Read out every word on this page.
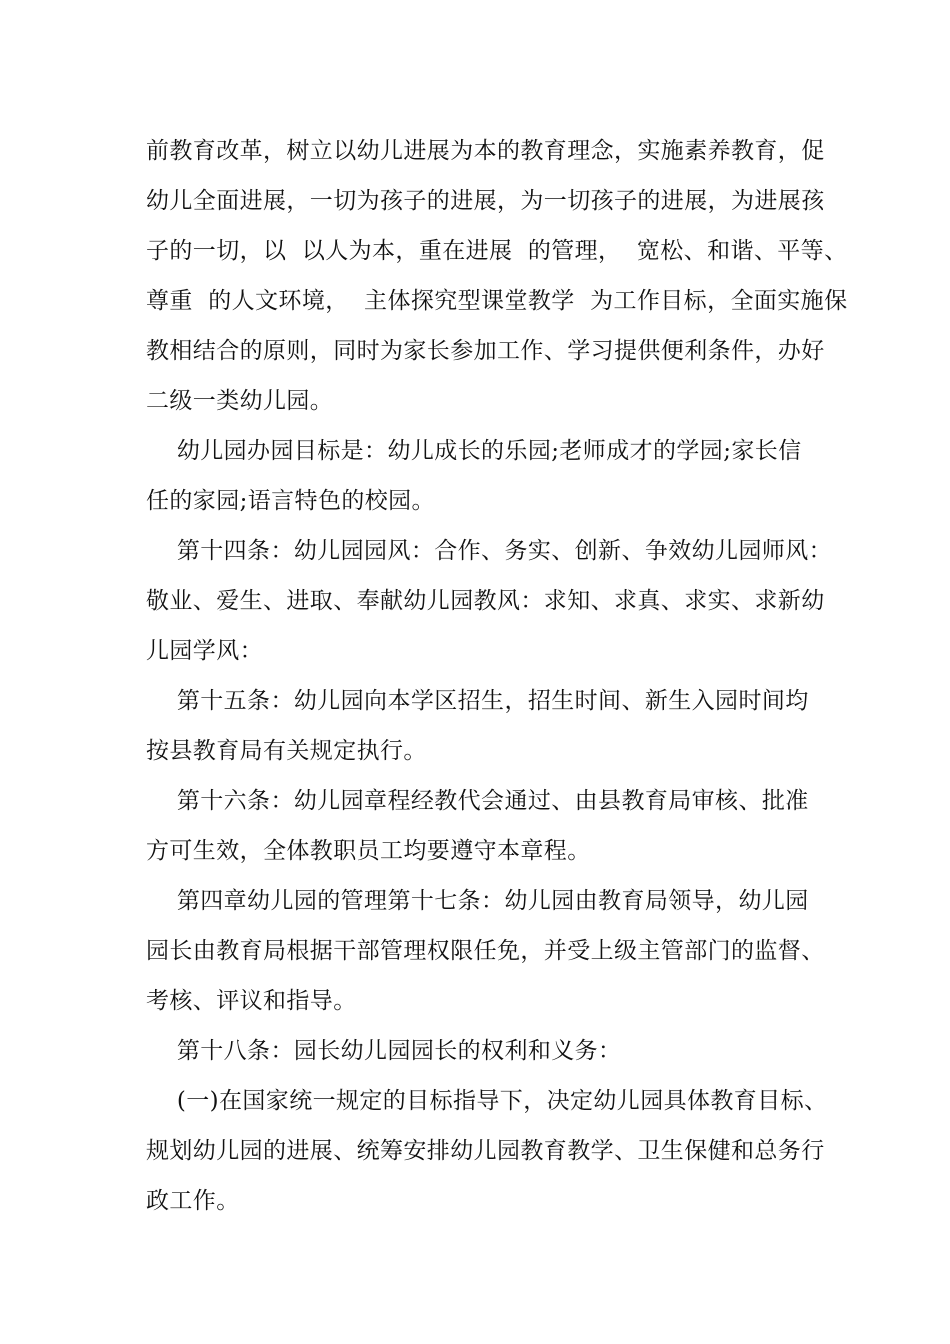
前教育改革，树立以幼儿进展为本的教育理念，实施素养教育，促
幼儿全面进展，一切为孩子的进展，为一切孩子的进展，为进展孩
子的一切，以  以人为本，重在进展  的管理，  宽松、和谐、平等、
尊重  的人文环境，  主体探究型课堂教学  为工作目标，全面实施保
教相结合的原则，同时为家长参加工作、学习提供便利条件，办好
二级一类幼儿园。
幼儿园办园目标是：幼儿成长的乐园;老师成才的学园;家长信
任的家园;语言特色的校园。
第十四条：幼儿园园风：合作、务实、创新、争效幼儿园师风：
敬业、爱生、进取、奉献幼儿园教风：求知、求真、求实、求新幼
儿园学风：
第十五条：幼儿园向本学区招生，招生时间、新生入园时间均
按县教育局有关规定执行。
第十六条：幼儿园章程经教代会通过、由县教育局审核、批准
方可生效，全体教职员工均要遵守本章程。
第四章幼儿园的管理第十七条：幼儿园由教育局领导，幼儿园
园长由教育局根据干部管理权限任免，并受上级主管部门的监督、
考核、评议和指导。
第十八条：园长幼儿园园长的权利和义务：
(一)在国家统一规定的目标指导下，决定幼儿园具体教育目标、
规划幼儿园的进展、统筹安排幼儿园教育教学、卫生保健和总务行
政工作。
